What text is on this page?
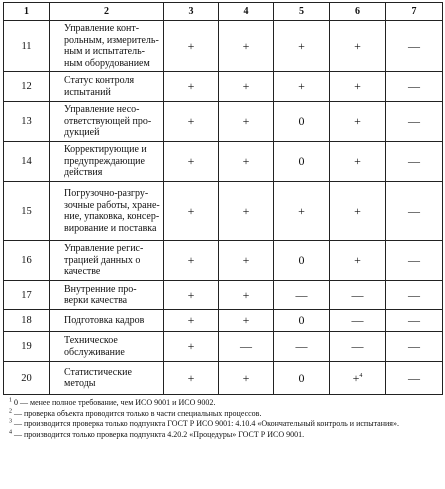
1	2	3	4	5	6	7
11	Управление конт-рольным, измеритель-ным и испытатель-ным оборудованием	+	+	+	+	—
12	Статус контроля испытаний	+	+	+	+	—
13	Управление несо-ответствующей про-дукцией	+	+	0	+	—
14	Корректирующие и предупреждающие действия	+	+	0	+	—
15	Погрузочно-разгру-зочные работы, хране-ние, упаковка, консер-вирование и поставка	+	+	+	+	—
16	Управление регис-трацией данных о качестве	+	+	0	+	—
17	Внутренние про-верки качества	+	+	—	—	—
18	Подготовка кадров	+	+	0	—	—
19	Техническое обслуживание	+	—	—	—	—
20	Статистические методы	+	+	0	+$^4$	—

$^1$ 0 — менее полное требование, чем ИСО 9001 и ИСО 9002.

$^2$ — проверка объекта проводится только в части специальных процессов.

$^3$ — производится проверка только подпункта ГОСТ Р ИСО 9001: 4.10.4 «Окончательный контроль и испытания».

$^4$ — производится только проверка подпункта 4.20.2 «Процедуры» ГОСТ Р ИСО 9001.
